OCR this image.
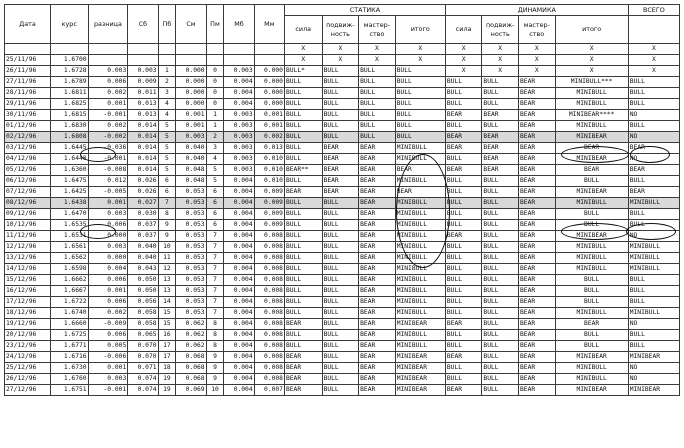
Дата	курс	разница	Сб	Пб	См	Пм	Мб	Мм	СТАТИКА				ДИНАМИКА				ВСЕГО
									сила	подвиж-ность	мастер-ство	итого	сила	подвиж-ность	мастер-ство	итого	
									X	X	X	X	X	X	X	X	X
25/11/96	1.6700								X	X	X	X	X	X	X	X	X
26/11/96	1.6728	0.003	0.003	1	0.000	0	0.003	0.000	BULL*	BULL	BULL	BULL	X	X	X	X	X
27/11/96	1.6789	0.006	0.009	2	0.000	0	0.004	0.000	BULL	BULL	BULL	BULL	BULL	BULL	BEAR	MINIBULL***	BULL
28/11/96	1.6811	0.002	0.011	3	0.000	0	0.004	0.000	BULL	BULL	BULL	BULL	BULL	BULL	BEAR	MINIBULL	BULL
29/11/96	1.6825	0.001	0.013	4	0.000	0	0.004	0.000	BULL	BULL	BULL	BULL	BULL	BULL	BEAR	MINIBULL	BULL
30/11/96	1.6815	-0.001	0.013	4	0.001	1	0.003	0.001	BULL	BULL	BULL	BULL	BEAR	BEAR	BEAR	MINIBEAR****	NO
01/12/96	1.6830	0.002	0.014	5	0.001	1	0.003	0.001	BULL	BULL	BULL	BULL	BULL	BULL	BEAR	MINIBULL	BULL
02/12/96	1.6808	-0.002	0.014	5	0.003	2	0.003	0.002	BULL	BULL	BULL	BULL	BEAR	BEAR	BEAR	MINIBEAR	NO
03/12/96	1.6445	-0.036	0.014	5	0.040	3	0.003	0.013	BULL	BEAR	BEAR	MINIBULL	BEAR	BEAR	BEAR	BEAR	BEAR
04/12/96	1.6440	-0.001	0.014	5	0.040	4	0.003	0.010	BULL	BEAR	BEAR	MINIBULL	BULL	BEAR	BEAR	MINIBEAR	NO
05/12/96	1.6360	-0.008	0.014	5	0.048	5	0.003	0.010	BEAR**	BEAR	BEAR	BEAR	BEAR	BEAR	BEAR	BEAR	BEAR
06/12/96	1.6475	0.012	0.026	6	0.048	5	0.004	0.010	BULL	BEAR	BEAR	MINIBULL	BULL	BULL	BEAR	BULL	BULL
07/12/96	1.6425	-0.005	0.026	6	0.053	6	0.004	0.009	BEAR	BEAR	BEAR	BEAR	BULL	BULL	BEAR	MINIBEAR	BEAR
08/12/96	1.6438	0.001	0.027	7	0.053	6	0.004	0.009	BULL	BULL	BEAR	MINIBULL	BULL	BULL	BEAR	MINIBULL	MINIBULL
09/12/96	1.6470	0.003	0.030	8	0.053	6	0.004	0.009	BULL	BULL	BEAR	MINIBULL	BULL	BULL	BEAR	BULL	BULL
10/12/96	1.6535	0.006	0.037	9	0.053	6	0.004	0.009	BULL	BULL	BEAR	MINIBULL	BULL	BULL	BEAR	BULL	BULL
11/12/96	1.6531	0.000	0.037	9	0.053	7	0.004	0.008	BULL	BULL	BEAR	MINIBULL	BEAR	BULL	BEAR	MINIBEAR	NO
12/12/96	1.6561	0.003	0.040	10	0.053	7	0.004	0.008	BULL	BULL	BEAR	MINIBULL	BULL	BULL	BEAR	MINIBULL	MINIBULL
13/12/96	1.6562	0.000	0.040	11	0.053	7	0.004	0.008	BULL	BULL	BEAR	MINIBULL	BULL	BULL	BEAR	MINIBULL	MINIBULL
14/12/96	1.6598	0.004	0.043	12	0.053	7	0.004	0.008	BULL	BULL	BEAR	MINIBULL	BULL	BULL	BEAR	MINIBULL	MINIBULL
15/12/96	1.6662	0.006	0.050	13	0.053	7	0.004	0.008	BULL	BULL	BEAR	MINIBULL	BULL	BULL	BEAR	BULL	BULL
16/12/96	1.6667	0.001	0.050	13	0.053	7	0.004	0.008	BULL	BULL	BEAR	MINIBULL	BULL	BULL	BEAR	BULL	BULL
17/12/96	1.6722	0.006	0.056	14	0.053	7	0.004	0.008	BULL	BULL	BEAR	MINIBULL	BULL	BULL	BEAR	BULL	BULL
18/12/96	1.6740	0.002	0.058	15	0.053	7	0.004	0.008	BULL	BULL	BEAR	MINIBULL	BULL	BULL	BEAR	MINIBULL	MINIBULL
19/12/96	1.6660	-0.009	0.058	15	0.062	8	0.004	0.008	BEAR	BULL	BEAR	MINIBEAR	BEAR	BULL	BEAR	BEAR	NO
20/12/96	1.6725	0.006	0.065	16	0.062	8	0.004	0.008	BULL	BULL	BEAR	MINIBULL	BULL	BULL	BEAR	BULL	BULL
23/12/96	1.6771	0.005	0.070	17	0.062	8	0.004	0.008	BULL	BULL	BEAR	MINIBULL	BULL	BULL	BEAR	BULL	BULL
24/12/96	1.6716	-0.006	0.070	17	0.068	9	0.004	0.008	BEAR	BULL	BEAR	MINIBEAR	BEAR	BULL	BEAR	MINIBEAR	MINIBEAR
25/12/96	1.6730	0.001	0.071	18	0.068	9	0.004	0.008	BEAR	BULL	BEAR	MINIBEAR	BULL	BULL	BEAR	MINIBULL	NO
26/12/96	1.6760	0.003	0.074	19	0.068	9	0.004	0.008	BEAR	BULL	BEAR	MINIBEAR	BULL	BULL	BEAR	MINIBULL	NO
27/12/96	1.6751	-0.001	0.074	19	0.069	10	0.004	0.007	BEAR	BULL	BEAR	MINIBEAR	BEAR	BULL	BEAR	MINIBEAR	MINIBEAR
